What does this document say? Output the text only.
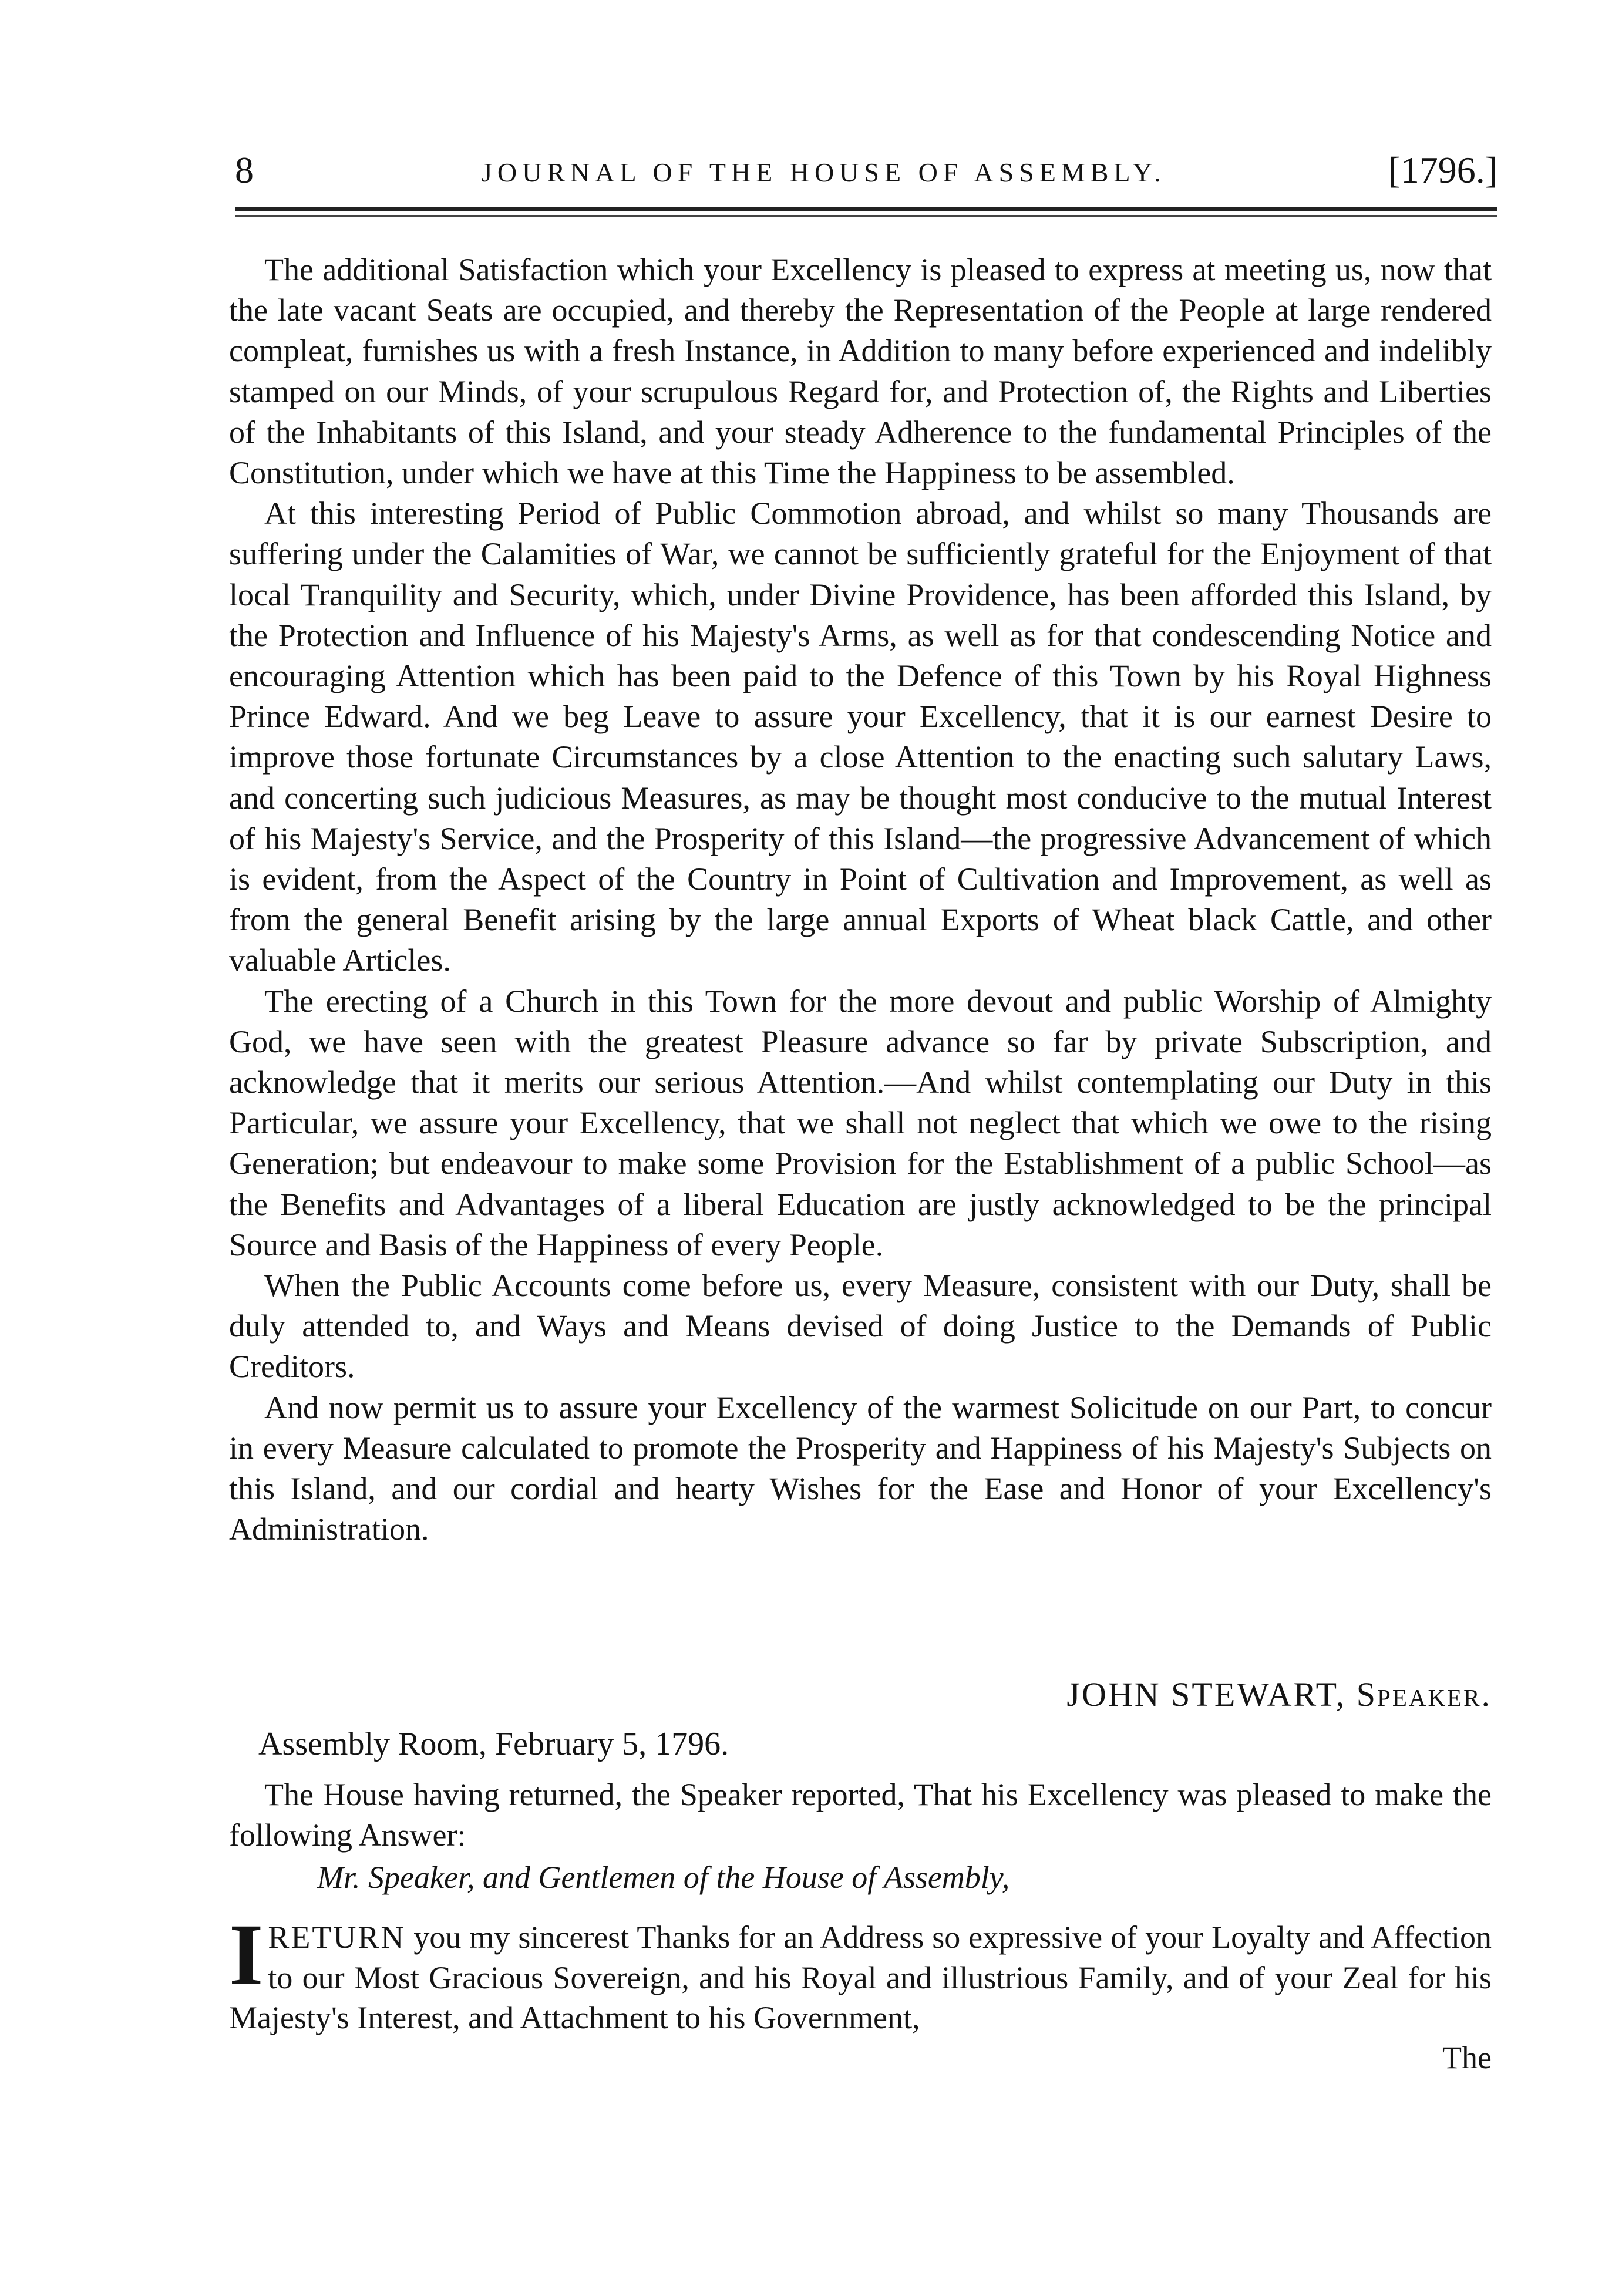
8	JOURNAL OF THE HOUSE OF ASSEMBLY.	[1796.]

The additional Satisfaction which your Excellency is pleased to express at meeting us, now that the late vacant Seats are occupied, and thereby the Representation of the People at large rendered compleat, furnishes us with a fresh Instance, in Addition to many before experienced and indelibly stamped on our Minds, of your scrupulous Regard for, and Protection of, the Rights and Liberties of the Inhabitants of this Island, and your steady Adherence to the fundamental Principles of the Constitution, under which we have at this Time the Happiness to be assembled.

At this interesting Period of Public Commotion abroad, and whilst so many Thousands are suffering under the Calamities of War, we cannot be sufficiently grateful for the Enjoyment of that local Tranquility and Security, which, under Divine Providence, has been afforded this Island, by the Protection and Influence of his Majesty's Arms, as well as for that condescending Notice and encouraging Attention which has been paid to the Defence of this Town by his Royal Highness Prince Edward. And we beg Leave to assure your Excellency, that it is our earnest Desire to improve those fortunate Circumstances by a close Attention to the enacting such salutary Laws, and concerting such judicious Measures, as may be thought most conducive to the mutual Interest of his Majesty's Service, and the Prosperity of this Island—the progressive Advancement of which is evident, from the Aspect of the Country in Point of Cultivation and Improvement, as well as from the general Benefit arising by the large annual Exports of Wheat black Cattle, and other valuable Articles.

The erecting of a Church in this Town for the more devout and public Worship of Almighty God, we have seen with the greatest Pleasure advance so far by private Subscription, and acknowledge that it merits our serious Attention.—And whilst contemplating our Duty in this Particular, we assure your Excellency, that we shall not neglect that which we owe to the rising Generation; but endeavour to make some Provision for the Establishment of a public School—as the Benefits and Advantages of a liberal Education are justly acknowledged to be the principal Source and Basis of the Happiness of every People.

When the Public Accounts come before us, every Measure, consistent with our Duty, shall be duly attended to, and Ways and Means devised of doing Justice to the Demands of Public Creditors.

And now permit us to assure your Excellency of the warmest Solicitude on our Part, to concur in every Measure calculated to promote the Prosperity and Happiness of his Majesty's Subjects on this Island, and our cordial and hearty Wishes for the Ease and Honor of your Excellency's Administration.

JOHN STEWART, Speaker.
Assembly Room, February 5, 1796.

The House having returned, the Speaker reported, That his Excellency was pleased to make the following Answer:

Mr. Speaker, and Gentlemen of the House of Assembly,
IRETURN you my sincerest Thanks for an Address so expressive of your Loyalty and Affection to our Most Gracious Sovereign, and his Royal and illustrious Family, and of your Zeal for his Majesty's Interest, and Attachment to his Government,
The
